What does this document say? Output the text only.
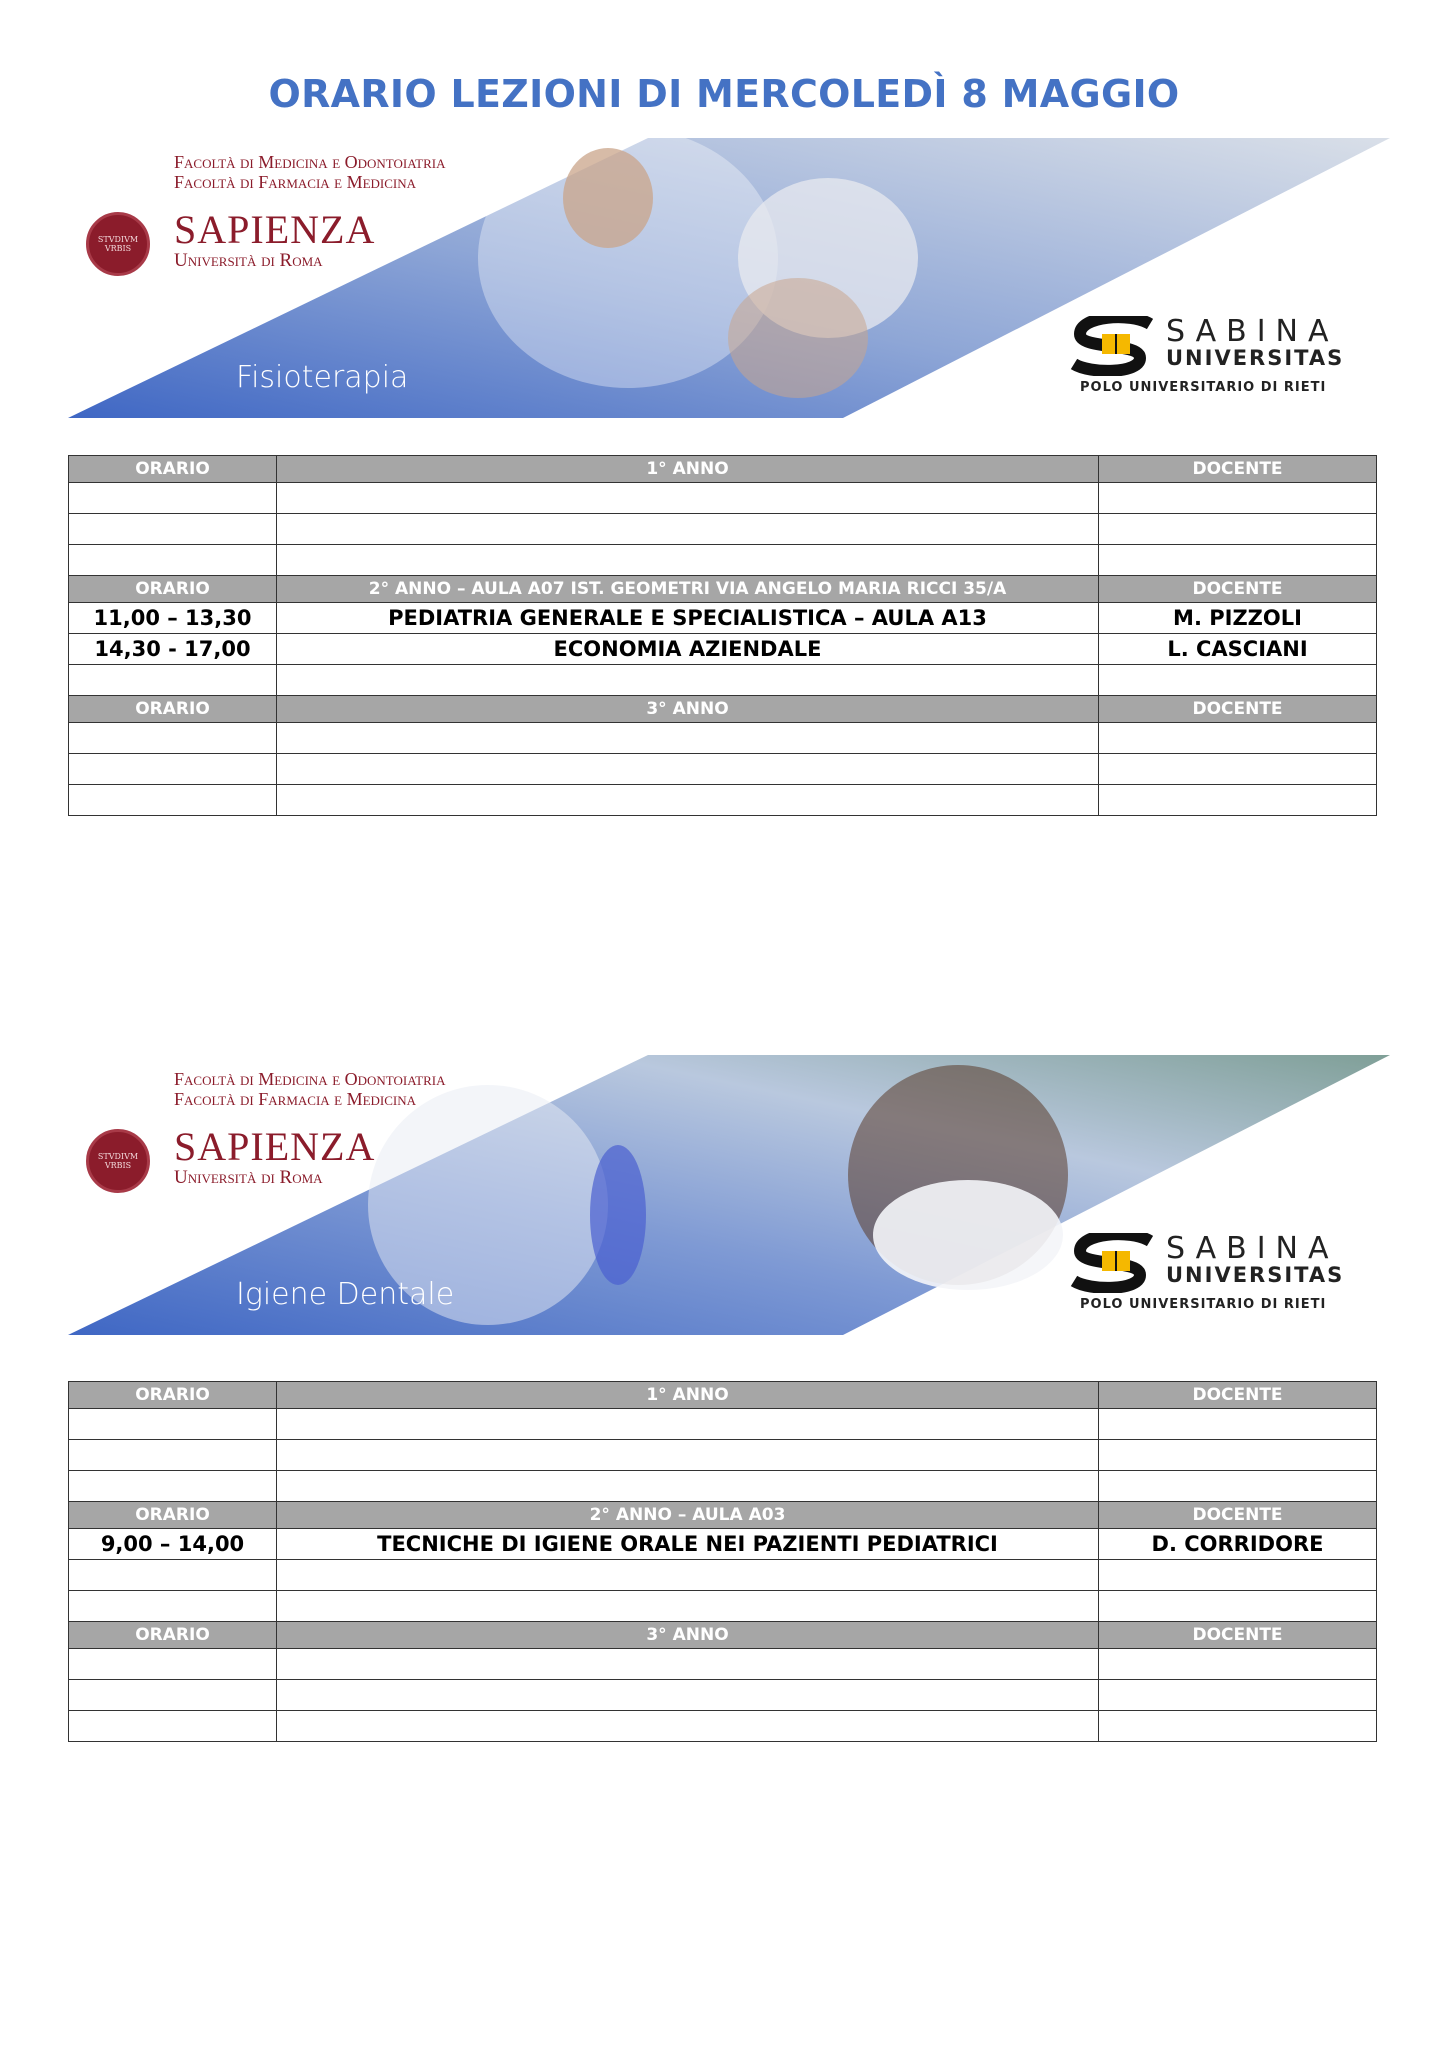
ORARIO LEZIONI DI MERCOLEDÌ 8 MAGGIO
STVDIVM VRBIS
Facoltà di Medicina e Odontoiatria
Facoltà di Farmacia e Medicina
SAPIENZA
Università di Roma
Fisioterapia
SABINA
UNIVERSITAS
POLO UNIVERSITARIO DI RIETI
ORARIO	1° ANNO	DOCENTE

ORARIO	2° ANNO – AULA A07 IST. GEOMETRI VIA ANGELO MARIA RICCI 35/A	DOCENTE
11,00 – 13,30	PEDIATRIA GENERALE E SPECIALISTICA – AULA A13	M. PIZZOLI
14,30 - 17,00	ECONOMIA AZIENDALE	L. CASCIANI

ORARIO	3° ANNO	DOCENTE

STVDIVM VRBIS
Facoltà di Medicina e Odontoiatria
Facoltà di Farmacia e Medicina
SAPIENZA
Università di Roma
Igiene Dentale
SABINA
UNIVERSITAS
POLO UNIVERSITARIO DI RIETI
ORARIO	1° ANNO	DOCENTE

ORARIO	2° ANNO – AULA A03	DOCENTE
9,00 – 14,00	TECNICHE DI IGIENE ORALE NEI PAZIENTI PEDIATRICI	D. CORRIDORE

ORARIO	3° ANNO	DOCENTE
